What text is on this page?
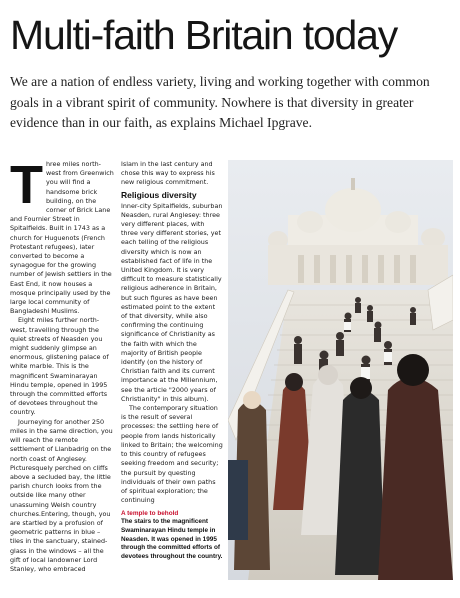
Multi-faith Britain today
We are a nation of endless variety, living and working together with common goals in a vibrant spirit of community. Nowhere is that diversity in greater evidence than in our faith, as explains Michael Ipgrave.
T hree miles north-west from Greenwich you will find a handsome brick building, on the corner of Brick Lane and Fournier Street in Spitalfields. Built in 1743 as a church for Huguenots (French Protestant refugees), later converted to become a synagogue for the growing number of Jewish settlers in the East End, it now houses a mosque principally used by the large local community of Bangladeshi Muslims.

Eight miles further north-west, travelling through the quiet streets of Neasden you might suddenly glimpse an enormous, glistening palace of white marble. This is the magnificent Swaminarayan Hindu temple, opened in 1995 through the committed efforts of devotees throughout the country.

Journeying for another 250 miles in the same direction, you will reach the remote settlement of Llanbadrig on the north coast of Anglesey. Picturesquely perched on cliffs above a secluded bay, the little parish church looks from the outside like many other unassuming Welsh country churches.Entering, though, you are startled by a profusion of geometric patterns in blue – tiles in the sanctuary, stained-glass in the windows – all the gift of local landowner Lord Stanley, who embraced

Islam in the last century and chose this way to express his new religious commitment.

Religious diversity

Inner-city Spitalfields, suburban Neasden, rural Anglesey: three very different places, with three very different stories, yet each telling of the religious diversity which is now an established fact of life in the United Kingdom. It is very difficult to measure statistically religious adherence in Britain, but such figures as have been estimated point to the extent of that diversity, while also confirming the continuing significance of Christianity as the faith with which the majority of British people identify (on the history of Christian faith and its current importance at the Millennium, see the article "2000 years of Christianity" in this album).

The contemporary situation is the result of several processes: the settling here of people from lands historically linked to Britain; the welcoming to this country of refugees seeking freedom and security; the pursuit by questing individuals of their own paths of spiritual exploration; the continuing

A temple to behold
The stairs to the magnificent Swaminarayan Hindu temple in Neasden. It was opened in 1995 through the committed efforts of devotees throughout the country.
